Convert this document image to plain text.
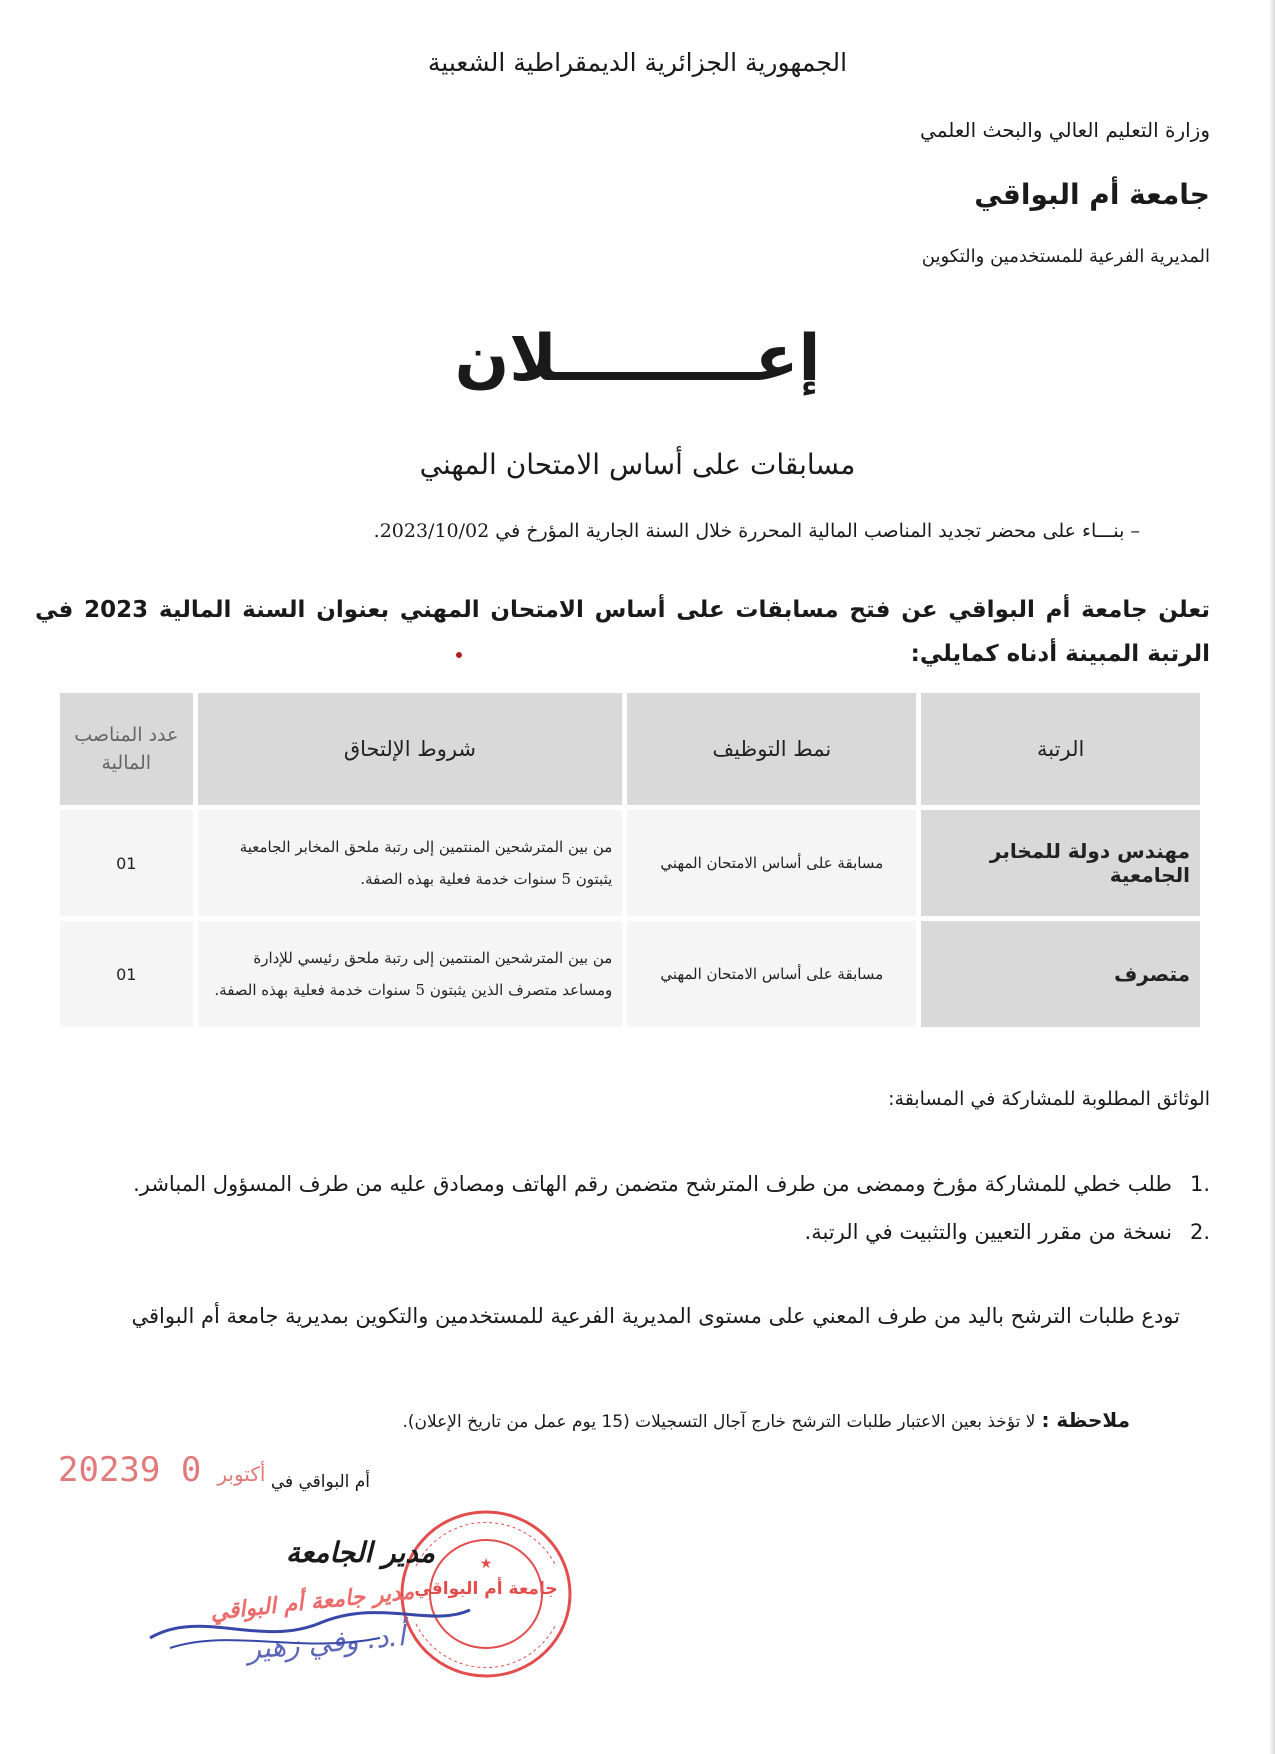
الجمهورية الجزائرية الديمقراطية الشعبية
وزارة التعليم العالي والبحث العلمي
جامعة أم البواقي
المديرية الفرعية للمستخدمين والتكوين
إعـــــــــلان
مسابقات على أساس الامتحان المهني
– بنـــاء على محضر تجديد المناصب المالية المحررة خلال السنة الجارية المؤرخ في 2023/10/02.
تعلن جامعة أم البواقي عن فتح مسابقات على أساس الامتحان المهني بعنوان السنة المالية 2023 في الرتبة المبينة أدناه كمايلي:
الرتبة	نمط التوظيف	شروط الإلتحاق	عدد المناصب المالية
مهندس دولة للمخابر الجامعية	مسابقة على أساس الامتحان المهني	من بين المترشحين المنتمين إلى رتبة ملحق المخابر الجامعية يثبتون 5 سنوات خدمة فعلية بهذه الصفة.	01
متصرف	مسابقة على أساس الامتحان المهني	من بين المترشحين المنتمين إلى رتبة ملحق رئيسي للإدارة ومساعد متصرف الذين يثبتون 5 سنوات خدمة فعلية بهذه الصفة.	01
الوثائق المطلوبة للمشاركة في المسابقة:
.1
طلب خطي للمشاركة مؤرخ وممضى من طرف المترشح متضمن رقم الهاتف ومصادق عليه من طرف المسؤول المباشر.
.2
نسخة من مقرر التعيين والتثبيت في الرتبة.
تودع طلبات الترشح باليد من طرف المعني على مستوى المديرية الفرعية للمستخدمين والتكوين بمديرية جامعة أم البواقي
ملاحظة :لا تؤخذ بعين الاعتبار طلبات الترشح خارج آجال التسجيلات (15 يوم عمل من تاريخ الإعلان).
2023	أكتوبر0 9	أم البواقي في
★
جامعة أم البواقي
مدير الجامعة
مدير جامعة أم البواقي
أ.د. وفي زهير
